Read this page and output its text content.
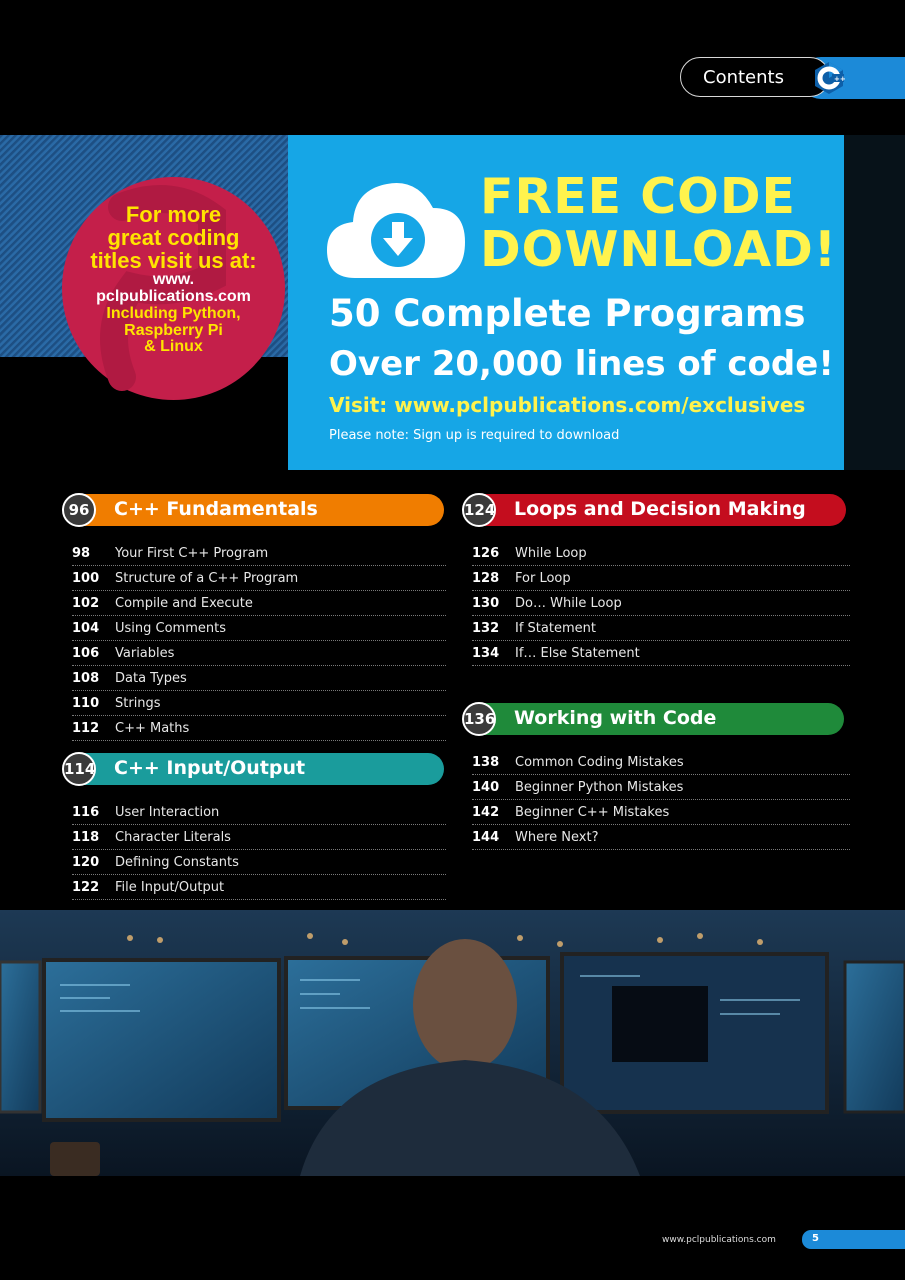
Contents	++
For more
great coding
titles visit us at:
www.
pclpublications.com
Including Python,
Raspberry Pi
& Linux
FREE CODE
DOWNLOAD!
50 Complete Programs
Over 20,000 lines of code!
Visit: www.pclpublications.com/exclusives
Please note: Sign up is required to download
96	C++ Fundamentals
98 Your First C++ Program
100 Structure of a C++ Program
102 Compile and Execute
104 Using Comments
106 Variables
108 Data Types
110 Strings
112 C++ Maths
114 C++ Input/Output
116 User Interaction
118 Character Literals
120 Defining Constants
122 File Input/Output
124 Loops and Decision Making
126 While Loop
128 For Loop
130 Do… While Loop
132 If Statement
134 If… Else Statement
136 Working with Code
138 Common Coding Mistakes
140 Beginner Python Mistakes
142 Beginner C++ Mistakes
144 Where Next?
www.pclpublications.com	5
